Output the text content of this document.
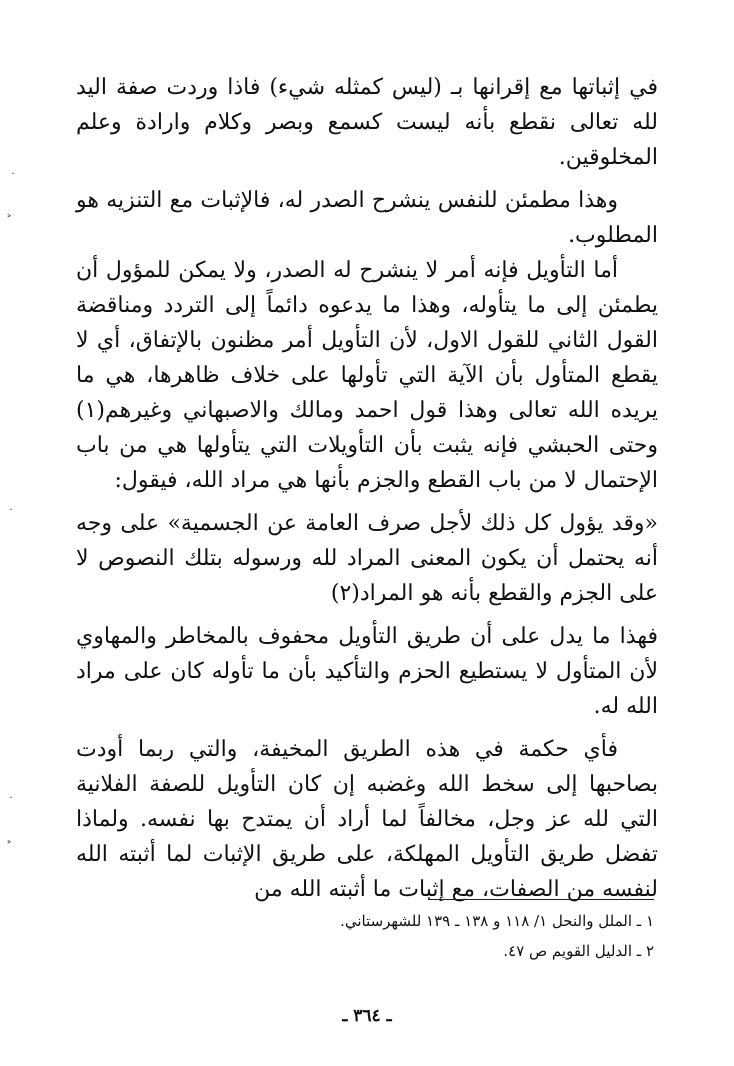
˙
˃
˙
˙
˃

في إثباتها مع إقرانها بـ (ليس كمثله شيء) فاذا وردت صفة اليد لله تعالى نقطع بأنه ليست كسمع وبصر وكلام وارادة وعلم المخلوقين.

وهذا مطمئن للنفس ينشرح الصدر له، فالإثبات مع التنزيه هو المطلوب.

أما التأويل فإنه أمر لا ينشرح له الصدر، ولا يمكن للمؤول أن يطمئن إلى ما يتأوله، وهذا ما يدعوه دائماً إلى التردد ومناقضة القول الثاني للقول الاول، لأن التأويل أمر مظنون بالإتفاق، أي لا يقطع المتأول بأن الآية التي تأولها على خلاف ظاهرها، هي ما يريده الله تعالى وهذا قول احمد ومالك والاصبهاني وغيرهم(١) وحتى الحبشي فإنه يثبت بأن التأويلات التي يتأولها هي من باب الإحتمال لا من باب القطع والجزم بأنها هي مراد الله، فيقول:

«وقد يؤول كل ذلك لأجل صرف العامة عن الجسمية» على وجه أنه يحتمل أن يكون المعنى المراد لله ورسوله بتلك النصوص لا على الجزم والقطع بأنه هو المراد(٢)

فهذا ما يدل على أن طريق التأويل محفوف بالمخاطر والمهاوي لأن المتأول لا يستطيع الحزم والتأكيد بأن ما تأوله كان على مراد الله له.

فأي حكمة في هذه الطريق المخيفة، والتي ربما أودت بصاحبها إلى سخط الله وغضبه إن كان التأويل للصفة الفلانية التي لله عز وجل، مخالفاً لما أراد أن يمتدح بها نفسه. ولماذا تفضل طريق التأويل المهلكة، على طريق الإثبات لما أثبته الله لنفسه من الصفات، مع إثبات ما أثبته الله من

١ ـ الملل والنحل ١/ ١١٨ و ١٣٨ ـ ١٣٩ للشهرستاني.

٢ ـ الدليل القويم ص ٤٧.

ـ ٣٦٤ ـ
